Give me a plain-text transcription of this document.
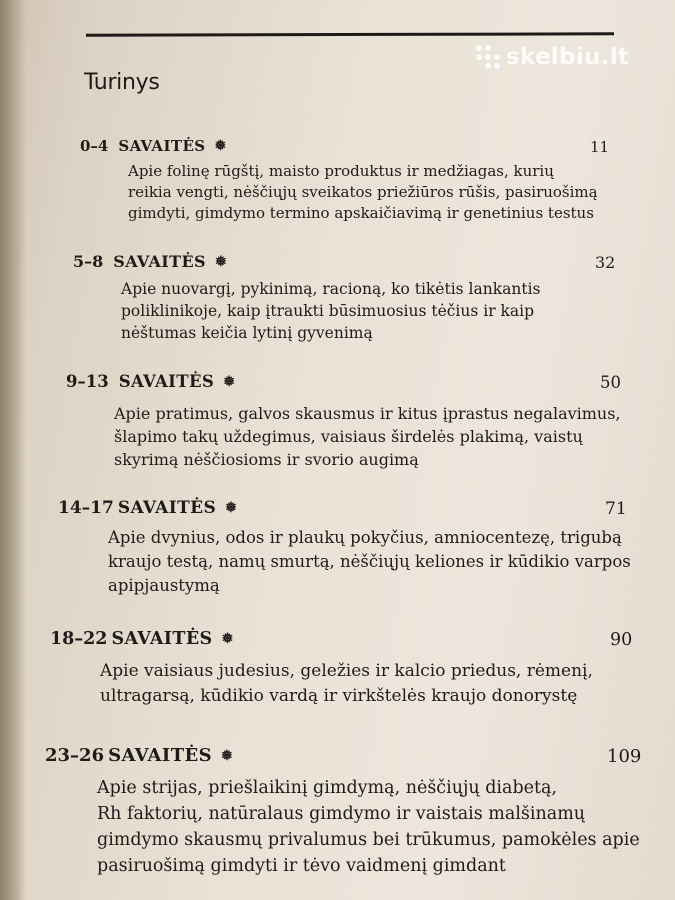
skelbiu.lt
Turinys
0–4 SAVAITĖS ❅	11
Apie folinę rūgštį, maisto produktus ir medžiagas, kurių
reikia vengti, nėščiųjų sveikatos priežiūros rūšis, pasiruošimą
gimdyti, gimdymo termino apskaičiavimą ir genetinius testus
5–8 SAVAITĖS ❅	32
Apie nuovargį, pykinimą, racioną, ko tikėtis lankantis
poliklinikoje, kaip įtraukti būsimuosius tėčius ir kaip
nėštumas keičia lytinį gyvenimą
9–13 SAVAITĖS ❅	50
Apie pratimus, galvos skausmus ir kitus įprastus negalavimus,
šlapimo takų uždegimus, vaisiaus širdelės plakimą, vaistų
skyrimą nėščiosioms ir svorio augimą
14–17 SAVAITĖS ❅	71
Apie dvynius, odos ir plaukų pokyčius, amniocentezę, trigubą
kraujo testą, namų smurtą, nėščiųjų keliones ir kūdikio varpos
apipjaustymą
18–22 SAVAITĖS ❅	90
Apie vaisiaus judesius, geležies ir kalcio priedus, rėmenį,
ultragarsą, kūdikio vardą ir virkštelės kraujo donorystę
23–26 SAVAITĖS ❅	109
Apie strijas, priešlaikinį gimdymą, nėščiųjų diabetą,
Rh faktorių, natūralaus gimdymo ir vaistais malšinamų
gimdymo skausmų privalumus bei trūkumus, pamokėles apie
pasiruošimą gimdyti ir tėvo vaidmenį gimdant
